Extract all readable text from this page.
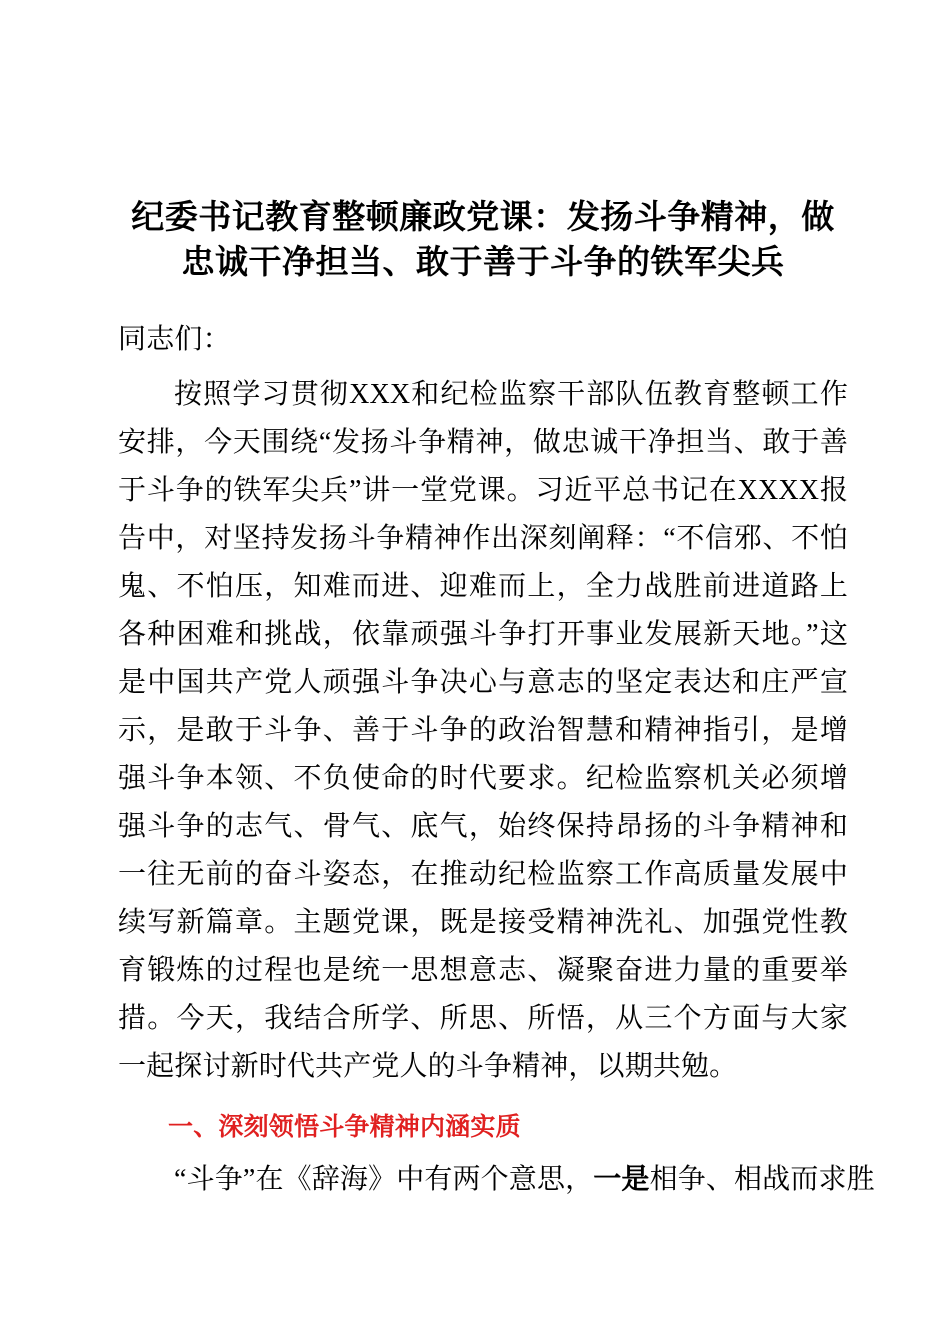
纪委书记教育整顿廉政党课：发扬斗争精神，做忠诚干净担当、敢于善于斗争的铁军尖兵

同志们：

按照学习贯彻XXX和纪检监察干部队伍教育整顿工作安排，今天围绕“发扬斗争精神，做忠诚干净担当、敢于善于斗争的铁军尖兵”讲一堂党课。习近平总书记在XXXX报告中，对坚持发扬斗争精神作出深刻阐释：“不信邪、不怕鬼、不怕压，知难而进、迎难而上，全力战胜前进道路上各种困难和挑战，依靠顽强斗争打开事业发展新天地。”这是中国共产党人顽强斗争决心与意志的坚定表达和庄严宣示，是敢于斗争、善于斗争的政治智慧和精神指引，是增强斗争本领、不负使命的时代要求。纪检监察机关必须增强斗争的志气、骨气、底气，始终保持昂扬的斗争精神和一往无前的奋斗姿态，在推动纪检监察工作高质量发展中续写新篇章。主题党课，既是接受精神洗礼、加强党性教育锻炼的过程也是统一思想意志、凝聚奋进力量的重要举措。今天，我结合所学、所思、所悟，从三个方面与大家一起探讨新时代共产党人的斗争精神，以期共勉。

一、深刻领悟斗争精神内涵实质

“斗争”在《辞海》中有两个意思，一是相争、相战而求胜
